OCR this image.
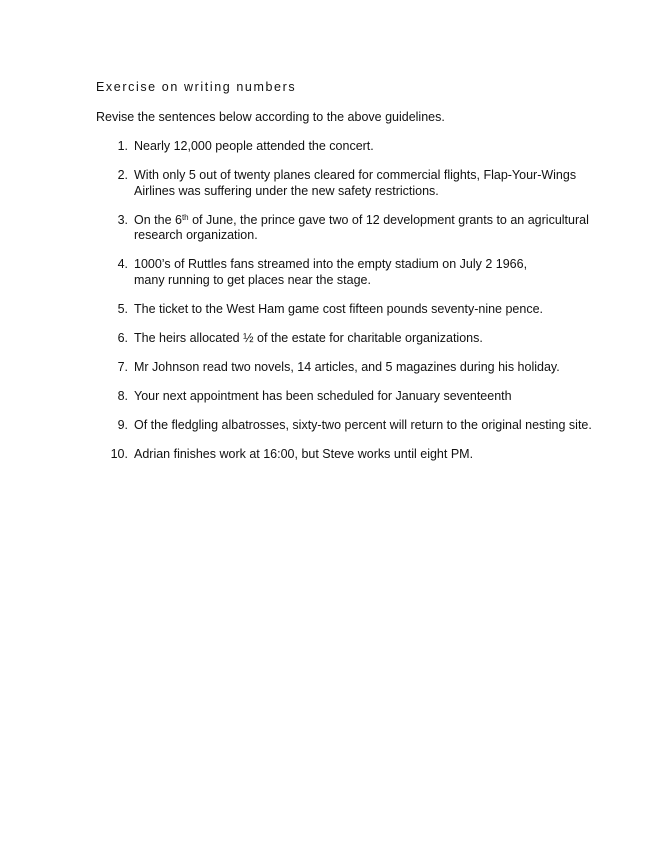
Exercise on writing numbers
Revise the sentences below according to the above guidelines.
1. Nearly 12,000 people attended the concert.
2. With only 5 out of twenty planes cleared for commercial flights, Flap-Your-Wings
Airlines was suffering under the new safety restrictions.
3. On the 6th of June, the prince gave two of 12 development grants to an agricultural
research organization.
4. 1000’s of Ruttles fans streamed into the empty stadium on July 2 1966,
many running to get places near the stage.
5. The ticket to the West Ham game cost fifteen pounds seventy-nine pence.
6. The heirs allocated ½ of the estate for charitable organizations.
7. Mr Johnson read two novels, 14 articles, and 5 magazines during his holiday.
8. Your next appointment has been scheduled for January seventeenth
9. Of the fledgling albatrosses, sixty-two percent will return to the original nesting site.
10. Adrian finishes work at 16:00, but Steve works until eight PM.
